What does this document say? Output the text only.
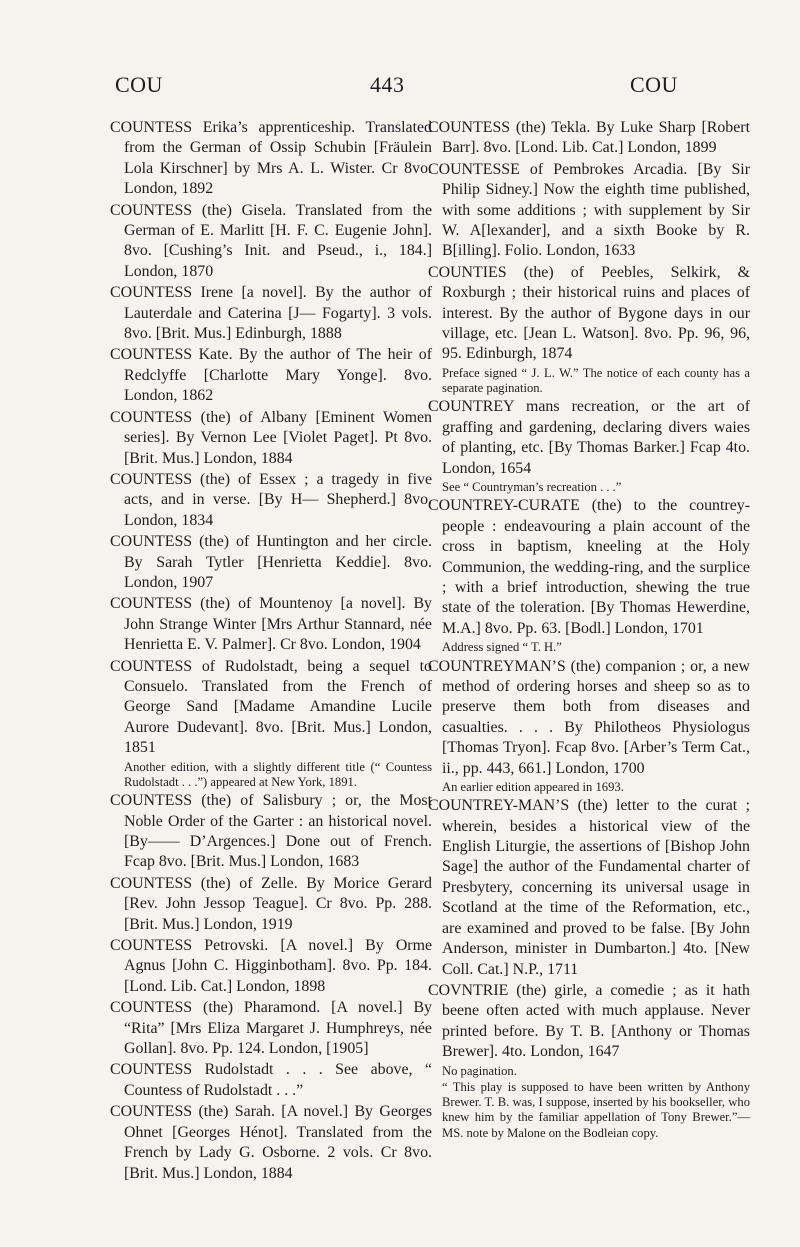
COU	443	COU

COUNTESS Erika’s apprenticeship. Translated from the German of Ossip Schubin [Fräulein Lola Kirschner] by Mrs A. L. Wister. Cr 8vo. London, 1892

COUNTESS (the) Gisela. Translated from the German of E. Marlitt [H. F. C. Eugenie John]. 8vo. [Cushing’s Init. and Pseud., i., 184.] London, 1870

COUNTESS Irene [a novel]. By the author of Lauterdale and Caterina [J— Fogarty]. 3 vols. 8vo. [Brit. Mus.] Edinburgh, 1888

COUNTESS Kate. By the author of The heir of Redclyffe [Charlotte Mary Yonge]. 8vo. London, 1862

COUNTESS (the) of Albany [Eminent Women series]. By Vernon Lee [Violet Paget]. Pt 8vo. [Brit. Mus.] London, 1884

COUNTESS (the) of Essex ; a tragedy in five acts, and in verse. [By H— Shepherd.] 8vo. London, 1834

COUNTESS (the) of Huntington and her circle. By Sarah Tytler [Henrietta Keddie]. 8vo. London, 1907

COUNTESS (the) of Mountenoy [a novel]. By John Strange Winter [Mrs Arthur Stannard, née Henrietta E. V. Palmer]. Cr 8vo. London, 1904

COUNTESS of Rudolstadt, being a sequel to Consuelo. Translated from the French of George Sand [Madame Amandine Lucile Aurore Dudevant]. 8vo. [Brit. Mus.] London, 1851

Another edition, with a slightly different title (“ Countess Rudolstadt . . .”) appeared at New York, 1891.

COUNTESS (the) of Salisbury ; or, the Most Noble Order of the Garter : an historical novel. [By—— D’Argences.] Done out of French. Fcap 8vo. [Brit. Mus.] London, 1683

COUNTESS (the) of Zelle. By Morice Gerard [Rev. John Jessop Teague]. Cr 8vo. Pp. 288. [Brit. Mus.] London, 1919

COUNTESS Petrovski. [A novel.] By Orme Agnus [John C. Higginbotham]. 8vo. Pp. 184. [Lond. Lib. Cat.] London, 1898

COUNTESS (the) Pharamond. [A novel.] By “Rita” [Mrs Eliza Margaret J. Humphreys, née Gollan]. 8vo. Pp. 124. London, [1905]

COUNTESS Rudolstadt . . . See above, “ Countess of Rudolstadt . . .”

COUNTESS (the) Sarah. [A novel.] By Georges Ohnet [Georges Hénot]. Translated from the French by Lady G. Osborne. 2 vols. Cr 8vo. [Brit. Mus.] London, 1884

COUNTESS (the) Tekla. By Luke Sharp [Robert Barr]. 8vo. [Lond. Lib. Cat.] London, 1899

COUNTESSE of Pembrokes Arcadia. [By Sir Philip Sidney.] Now the eighth time published, with some additions ; with supplement by Sir W. A[lexander], and a sixth Booke by R. B[illing]. Folio. London, 1633

COUNTIES (the) of Peebles, Selkirk, & Roxburgh ; their historical ruins and places of interest. By the author of Bygone days in our village, etc. [Jean L. Watson]. 8vo. Pp. 96, 96, 95. Edinburgh, 1874

Preface signed “ J. L. W.” The notice of each county has a separate pagination.

COUNTREY mans recreation, or the art of graffing and gardening, declaring divers waies of planting, etc. [By Thomas Barker.] Fcap 4to. London, 1654

See “ Countryman’s recreation . . .”

COUNTREY-CURATE (the) to the countrey-people : endeavouring a plain account of the cross in baptism, kneeling at the Holy Communion, the wedding-ring, and the surplice ; with a brief introduction, shewing the true state of the toleration. [By Thomas Hewerdine, M.A.] 8vo. Pp. 63. [Bodl.] London, 1701

Address signed “ T. H.”

COUNTREYMAN’S (the) companion ; or, a new method of ordering horses and sheep so as to preserve them both from diseases and casualties. . . . By Philotheos Physiologus [Thomas Tryon]. Fcap 8vo. [Arber’s Term Cat., ii., pp. 443, 661.] London, 1700

An earlier edition appeared in 1693.

COUNTREY-MAN’S (the) letter to the curat ; wherein, besides a historical view of the English Liturgie, the assertions of [Bishop John Sage] the author of the Fundamental charter of Presbytery, concerning its universal usage in Scotland at the time of the Reformation, etc., are examined and proved to be false. [By John Anderson, minister in Dumbarton.] 4to. [New Coll. Cat.] N.P., 1711

COVNTRIE (the) girle, a comedie ; as it hath beene often acted with much applause. Never printed before. By T. B. [Anthony or Thomas Brewer]. 4to. London, 1647

No pagination.

“ This play is supposed to have been written by Anthony Brewer. T. B. was, I suppose, inserted by his bookseller, who knew him by the familiar appellation of Tony Brewer.”—MS. note by Malone on the Bodleian copy.
